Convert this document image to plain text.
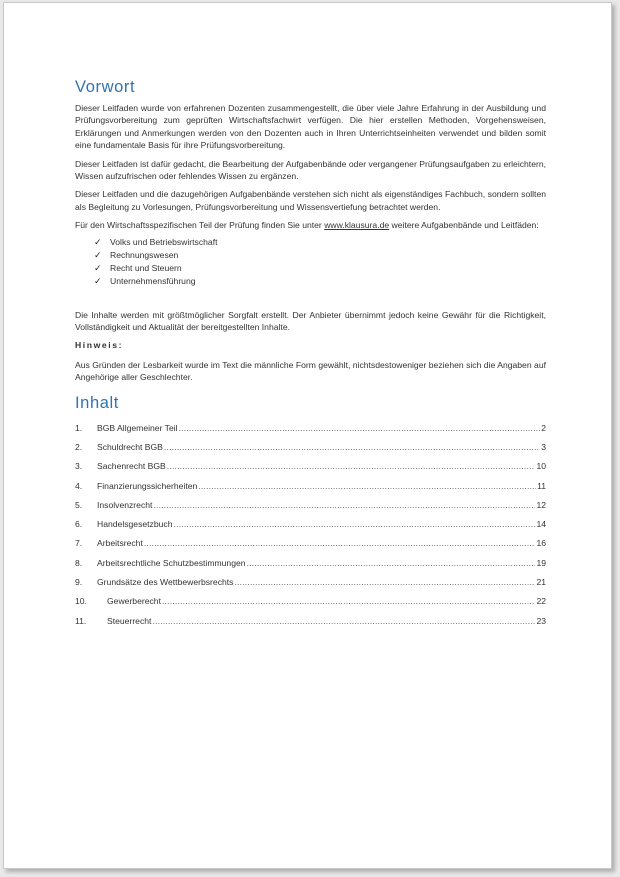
Vorwort

Dieser Leitfaden wurde von erfahrenen Dozenten zusammengestellt, die über viele Jahre Erfahrung in der Ausbildung und Prüfungsvorbereitung zum geprüften Wirtschaftsfachwirt verfügen. Die hier erstellen Methoden, Vorgehensweisen, Erklärungen und Anmerkungen werden von den Dozenten auch in Ihren Unterrichtseinheiten verwendet und bilden somit eine fundamentale Basis für ihre Prüfungsvorbereitung.

Dieser Leitfaden ist dafür gedacht, die Bearbeitung der Aufgabenbände oder vergangener Prüfungsaufgaben zu erleichtern, Wissen aufzufrischen oder fehlendes Wissen zu ergänzen.

Dieser Leitfaden und die dazugehörigen Aufgabenbände verstehen sich nicht als eigenständiges Fachbuch, sondern sollten als Begleitung zu Vorlesungen, Prüfungsvorbereitung und Wissensvertiefung betrachtet werden.

Für den Wirtschaftsspezifischen Teil der Prüfung finden Sie unter www.klausura.de weitere Aufgabenbände und Leitfäden:

✓ Volks und Betriebswirtschaft
✓ Rechnungswesen
✓ Recht und Steuern
✓ Unternehmensführung

Die Inhalte werden mit größtmöglicher Sorgfalt erstellt. Der Anbieter übernimmt jedoch keine Gewähr für die Richtigkeit, Vollständigkeit und Aktualität der bereitgestellten Inhalte.

Hinweis:

Aus Gründen der Lesbarkeit wurde im Text die männliche Form gewählt, nichtsdestoweniger beziehen sich die Angaben auf Angehörige aller Geschlechter.

Inhalt
1.	BGB Allgemeiner Teil .....	2
2.	Schuldrecht BGB .....	3
3.	Sachenrecht BGB .....	10
4.	Finanzierungssicherheiten .....	11
5.	Insolvenzrecht .....	12
6.	Handelsgesetzbuch .....	14
7.	Arbeitsrecht .....	16
8.	Arbeitsrechtliche Schutzbestimmungen .....	19
9.	Grundsätze des Wettbewerbsrechts .....	21
10.	Gewerberecht .....	22
11.	Steuerrecht .....	23
